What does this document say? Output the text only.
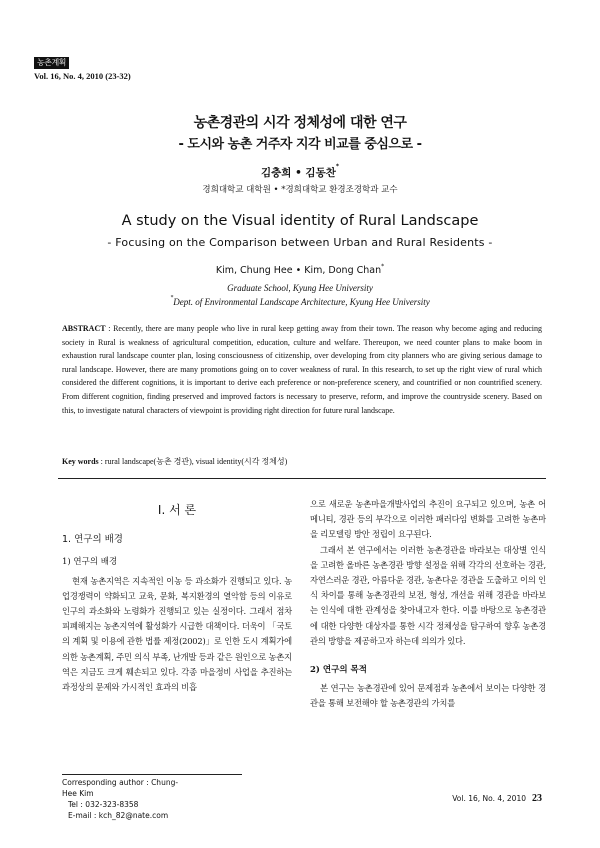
농촌계획
Vol. 16, No. 4, 2010 (23-32)
농촌경관의 시각 정체성에 대한 연구
- 도시와 농촌 거주자 지각 비교를 중심으로 -
김충희 • 김동찬*
경희대학교 대학원 • *경희대학교 환경조경학과 교수
A study on the Visual identity of Rural Landscape
- Focusing on the Comparison between Urban and Rural Residents -
Kim, Chung Hee • Kim, Dong Chan*
Graduate School, Kyung Hee University
*Dept. of Environmental Landscape Architecture, Kyung Hee University
ABSTRACT : Recently, there are many people who live in rural keep getting away from their town. The reason why become aging and reducing society in Rural is weakness of agricultural competition, education, culture and welfare. Thereupon, we need counter plans to make boom in exhaustion rural landscape counter plan, losing consciousness of citizenship, over developing from city planners who are giving serious damage to rural landscape. However, there are many promotions going on to cover weakness of rural. In this research, to set up the right view of rural which considered the different cognitions, it is important to derive each preference or non-preference scenery, and countrified or non countrified scenery. From different cognition, finding preserved and improved factors is necessary to preserve, reform, and improve the countryside scenery. Based on this, to investigate natural characters of viewpoint is providing right direction for future rural landscape.
Key words : rural landscape(농촌 경관), visual identity(시각 정체성)
I. 서 론
1. 연구의 배경
1) 연구의 배경

현재 농촌지역은 지속적인 이농 등 과소화가 진행되고 있다. 농업경쟁력이 약화되고 교육, 문화, 복지환경의 열악함 등의 이유로 인구의 과소화와 노령화가 진행되고 있는 실정이다. 그래서 점차 피폐해지는 농촌지역에 활성화가 시급한 대책이다. 더욱이 「국토의 계획 및 이용에 관한 법률 제정(2002)」로 인한 도시 계획가에 의한 농촌계획, 주민 의식 부족, 난개발 등과 같은 원인으로 농촌지역은 지금도 크게 훼손되고 있다. 각종 마을정비 사업을 추진하는 과정상의 문제와 가시적인 효과의 비흡

으로 새로운 농촌마을개발사업의 추진이 요구되고 있으며, 농촌 어메니티, 경관 등의 부각으로 이러한 패러다임 변화를 고려한 농촌마을 리모델링 방안 정립이 요구된다.

그래서 본 연구에서는 이러한 농촌경관을 바라보는 대상별 인식을 고려한 올바른 농촌경관 방향 설정을 위해 각각의 선호하는 경관, 자연스러운 경관, 아름다운 경관, 농촌다운 경관을 도출하고 이의 인식 차이를 통해 농촌경관의 보전, 형성, 개선을 위해 경관을 바라보는 인식에 대한 관계성을 찾아내고자 한다. 이를 바탕으로 농촌경관에 대한 다양한 대상자를 통한 시각 정체성을 탐구하여 향후 농촌경관의 방향을 제공하고자 하는데 의의가 있다.

2) 연구의 목적

본 연구는 농촌경관에 있어 문제점과 농촌에서 보이는 다양한 경관을 통해 보전해야 할 농촌경관의 가치를

Corresponding author : Chung-Hee Kim
Tel : 032-323-8358
E-mail : kch_82@nate.com
Vol. 16, No. 4, 2010 23
